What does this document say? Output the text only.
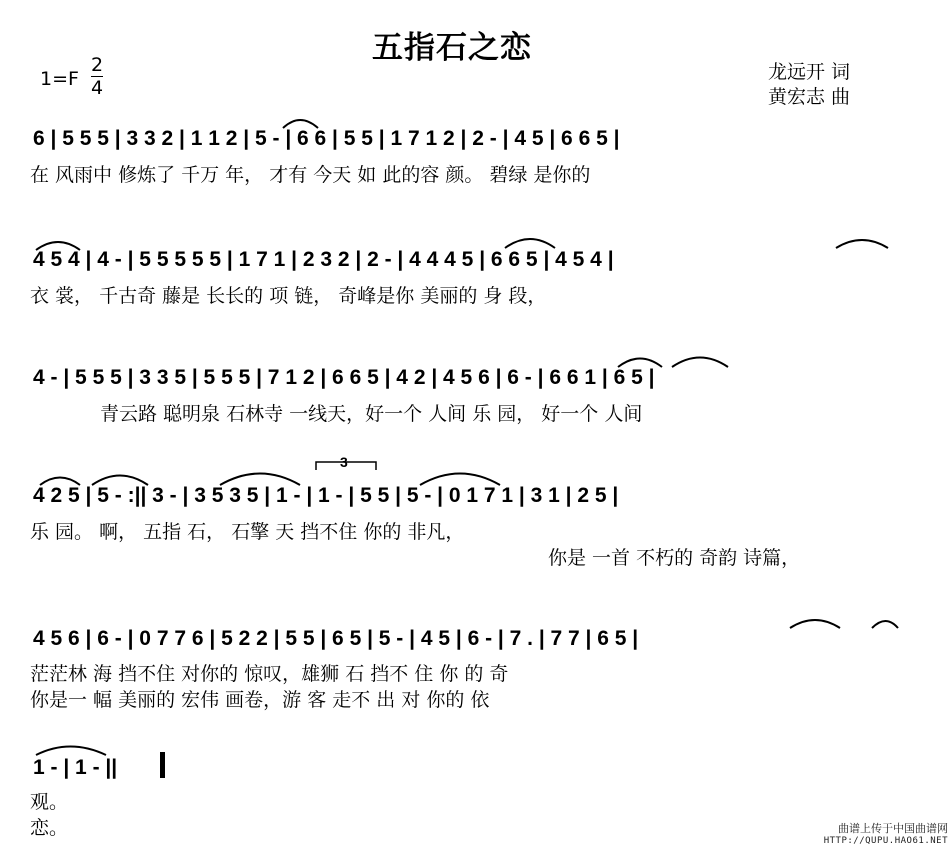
五指石之恋
1=F
2
4
龙远开 词
黄宏志 曲
6 | 5 5 5 | 3 3 2 | 1 1 2 | 5 - | 6 6 | 5 5 | 1 7 1 2 | 2 - | 4 5 | 6 6 5 |
4 5 4 | 4 - | 5 5 5 5 5 | 1 7 1 | 2 3 2 | 2 - | 4 4 4 5 | 6 6 5 | 4 5 4 |
4 - | 5 5 5 | 3 3 5 | 5 5 5 | 7 1 2 | 6 6 5 | 4 2 | 4 5 6 | 6 - | 6 6 1 | 6 5 |
4 2 5 | 5 - :|| 3 - | 3 5 3 5 | 1 - | 1 - | 5 5 | 5 - | 0 1 7 1 | 3 1 | 2 5 |
4 5 6 | 6 - | 0 7 7 6 | 5 2 2 | 5 5 | 6 5 | 5 - | 4 5 | 6 - | 7 . | 7 7 | 6 5 |
1 - | 1 - ||
3
在 风雨中 修炼了 千万 年， 才有 今天 如 此的容 颜。 碧绿 是你的
衣 裳， 千古奇 藤是 长长的 项 链， 奇峰是你 美丽的 身 段，
青云路 聪明泉 石林寺 一线天，好一个 人间 乐 园， 好一个 人间
乐 园。 啊， 五指 石， 石擎 天 挡不住 你的 非凡，
你是 一首 不朽的 奇韵 诗篇，
茫茫林 海 挡不住 对你的 惊叹，雄狮 石 挡不 住 你 的 奇
你是一 幅 美丽的 宏伟 画卷，游 客 走不 出 对 你的 依
观。
恋。	曲谱上传于中国曲谱网
HTTP://QUPU.HAO61.NET
